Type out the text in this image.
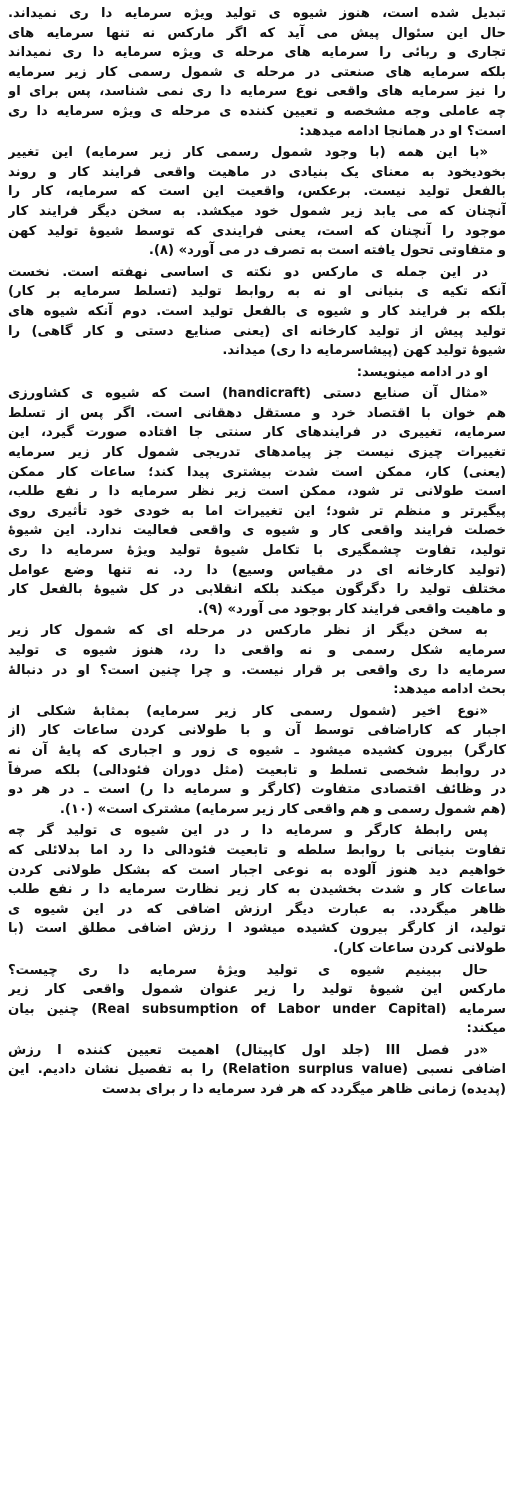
تبدیل شده است، هنوز شیوه ی تولید ویژه سرمایه دا ری نمیداند.
حال این سئوال پیش می آید که اگر مارکس نه تنها سرمایه های
تجاری و ربائی را سرمایه های مرحله ی ویژه سرمایه دا ری نمیداند
بلکه سرمایه های صنعتی در مرحله ی شمول رسمی کار زیر سرمایه
را نیز سرمایه های واقعی نوع سرمایه دا ری نمی شناسد، پس برای او
چه عاملی وجه مشخصه و تعیین کننده ی مرحله ی ویژه سرمایه دا ری
است؟ او در همانجا ادامه میدهد:

«با این همه (با وجود شمول رسمی کار زیر سرمایه) این تغییر
بخودیخود به معنای یک بنیادی در ماهیت واقعی فرایند کار و روند
بالفعل تولید نیست. برعکس، واقعیت این است که سرمایه، کار را
آنچنان که می یابد زیر شمول خود میکشد. به سخن دیگر فرایند کار
موجود را آنچنان که است، یعنی فرایندی که توسط شیوۀ تولید کهن
و متفاوتی تحول یافته است به تصرف در می آورد» (۸).

در این جمله ی مارکس دو نکته ی اساسی نهفته است. نخست
آنکه تکیه ی بنیانی او نه به روابط تولید (تسلط سرمایه بر کار)
بلکه بر فرایند کار و شیوه ی بالفعل تولید است. دوم آنکه شیوه های
تولید پیش از تولید کارخانه ای (یعنی صنایع دستی و کار گاهی) را
شیوۀ تولید کهن (پیشاسرمایه دا ری) میداند.

او در ادامه مینویسد:

«مثال آن صنایع دستی (handicraft) است که شیوه ی کشاورزی
هم خوان با اقتصاد خرد و مستقل دهقانی است. اگر پس از تسلط
سرمایه، تغییری در فرایندهای کار سنتی جا افتاده صورت گیرد، این
تغییرات چیزی نیست جز پیامدهای تدریجی شمول کار زیر سرمایه
(یعنی) کار، ممکن است شدت بیشتری پیدا کند؛ ساعات کار ممکن
است طولانی تر شود، ممکن است زیر نظر سرمایه دا ر نفع طلب،
پیگیرتر و منظم تر شود؛ این تغییرات اما به خودی خود تأثیری روی
خصلت فرایند واقعی کار و شیوه ی واقعی فعالیت ندارد. این شیوۀ
تولید، تفاوت چشمگیری با تکامل شیوۀ تولید ویژۀ سرمایه دا ری
(تولید کارخانه ای در مقیاس وسیع) دا رد. نه تنها وضع عوامل
مختلف تولید را دگرگون میکند بلکه انقلابی در کل شیوۀ بالفعل کار
و ماهیت واقعی فرایند کار بوجود می آورد» (۹).

به سخن دیگر از نظر مارکس در مرحله ای که شمول کار زیر
سرمایه شکل رسمی و نه واقعی دا رد، هنوز شیوه ی تولید
سرمایه دا ری واقعی بر قرار نیست. و چرا چنین است؟ او در دنبالۀ
بحث ادامه میدهد:

«نوع اخیر (شمول رسمی کار زیر سرمایه) بمثابۀ شکلی از
اجبار که کاراضافی توسط آن و با طولانی کردن ساعات کار (از
کارگر) بیرون کشیده میشود ـ شیوه ی زور و اجباری که پایۀ آن نه
در روابط شخصی تسلط و تابعیت (مثل دوران فئودالی) بلکه صرفاً
در وظائف اقتصادی متفاوت (کارگر و سرمایه دا ر) است ـ در هر دو
(هم شمول رسمی و هم واقعی کار زیر سرمایه) مشترک است» (۱۰).

پس رابطۀ کارگر و سرمایه دا ر در این شیوه ی تولید گر چه
تفاوت بنیانی با روابط سلطه و تابعیت فئودالی دا رد اما بدلائلی که
خواهیم دید هنوز آلوده به نوعی اجبار است که بشکل طولانی کردن
ساعات کار و شدت بخشیدن به کار زیر نظارت سرمایه دا ر نفع طلب
ظاهر میگردد. به عبارت دیگر ارزش اضافی که در این شیوه ی
تولید، از کارگر بیرون کشیده میشود ا رزش اضافی مطلق است (با
طولانی کردن ساعات کار).

حال ببینیم شیوه ی تولید ویژۀ سرمایه دا ری چیست؟
مارکس این شیوۀ تولید را زیر عنوان شمول واقعی کار زیر
سرمایه (Real subsumption of Labor under Capital) چنین بیان
میکند:

«در فصل III (جلد اول کاپیتال) اهمیت تعیین کننده ا رزش
اضافی نسبی (Relation surplus value) را به تفصیل نشان دادیم. این
(پدیده) زمانی ظاهر میگردد که هر فرد سرمایه دا ر برای بدست
